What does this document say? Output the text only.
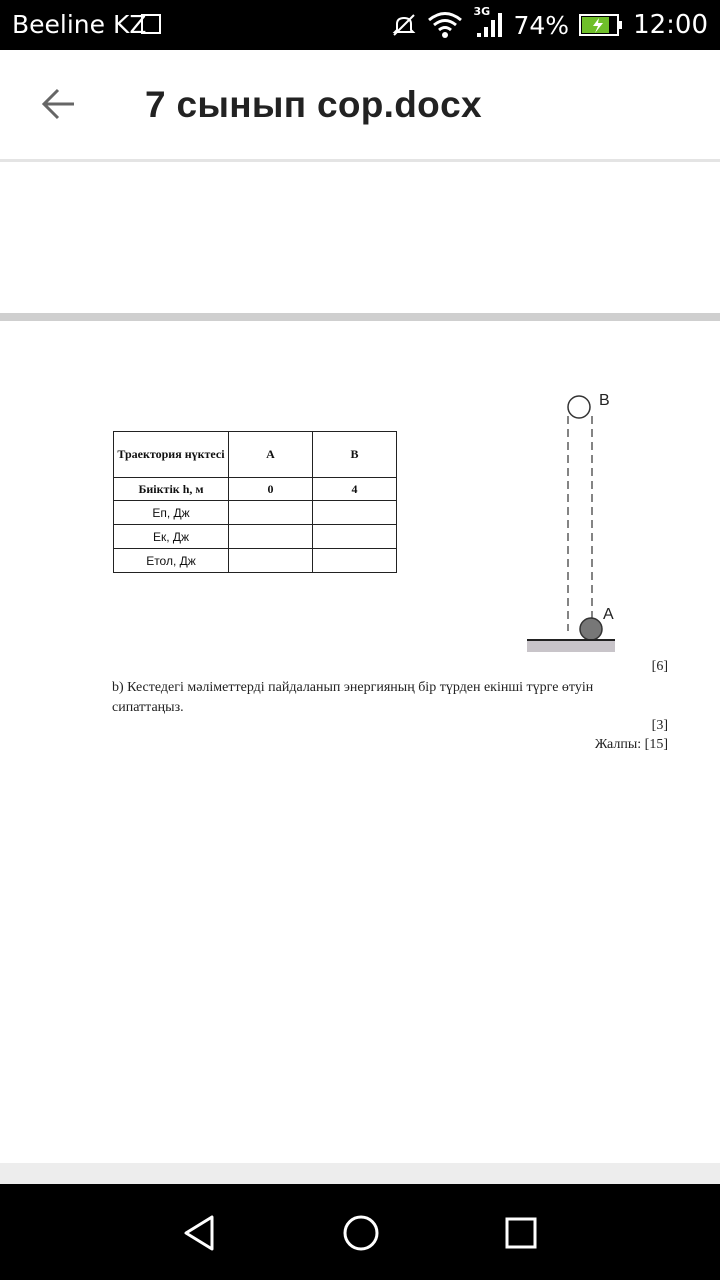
Beeline KZ	3G 74% 12:00
7 сынып сор.docx
Траектория нүктесі	A	B
Биіктік h, м	0	4
Еп, Дж		
Ек, Дж		
Етол, Дж		
B
A
[6]
b) Кестедегі мәліметтерді пайдаланып энергияның бір түрден екінші түрге өтуін сипаттаңыз.
[3]
Жалпы: [15]
